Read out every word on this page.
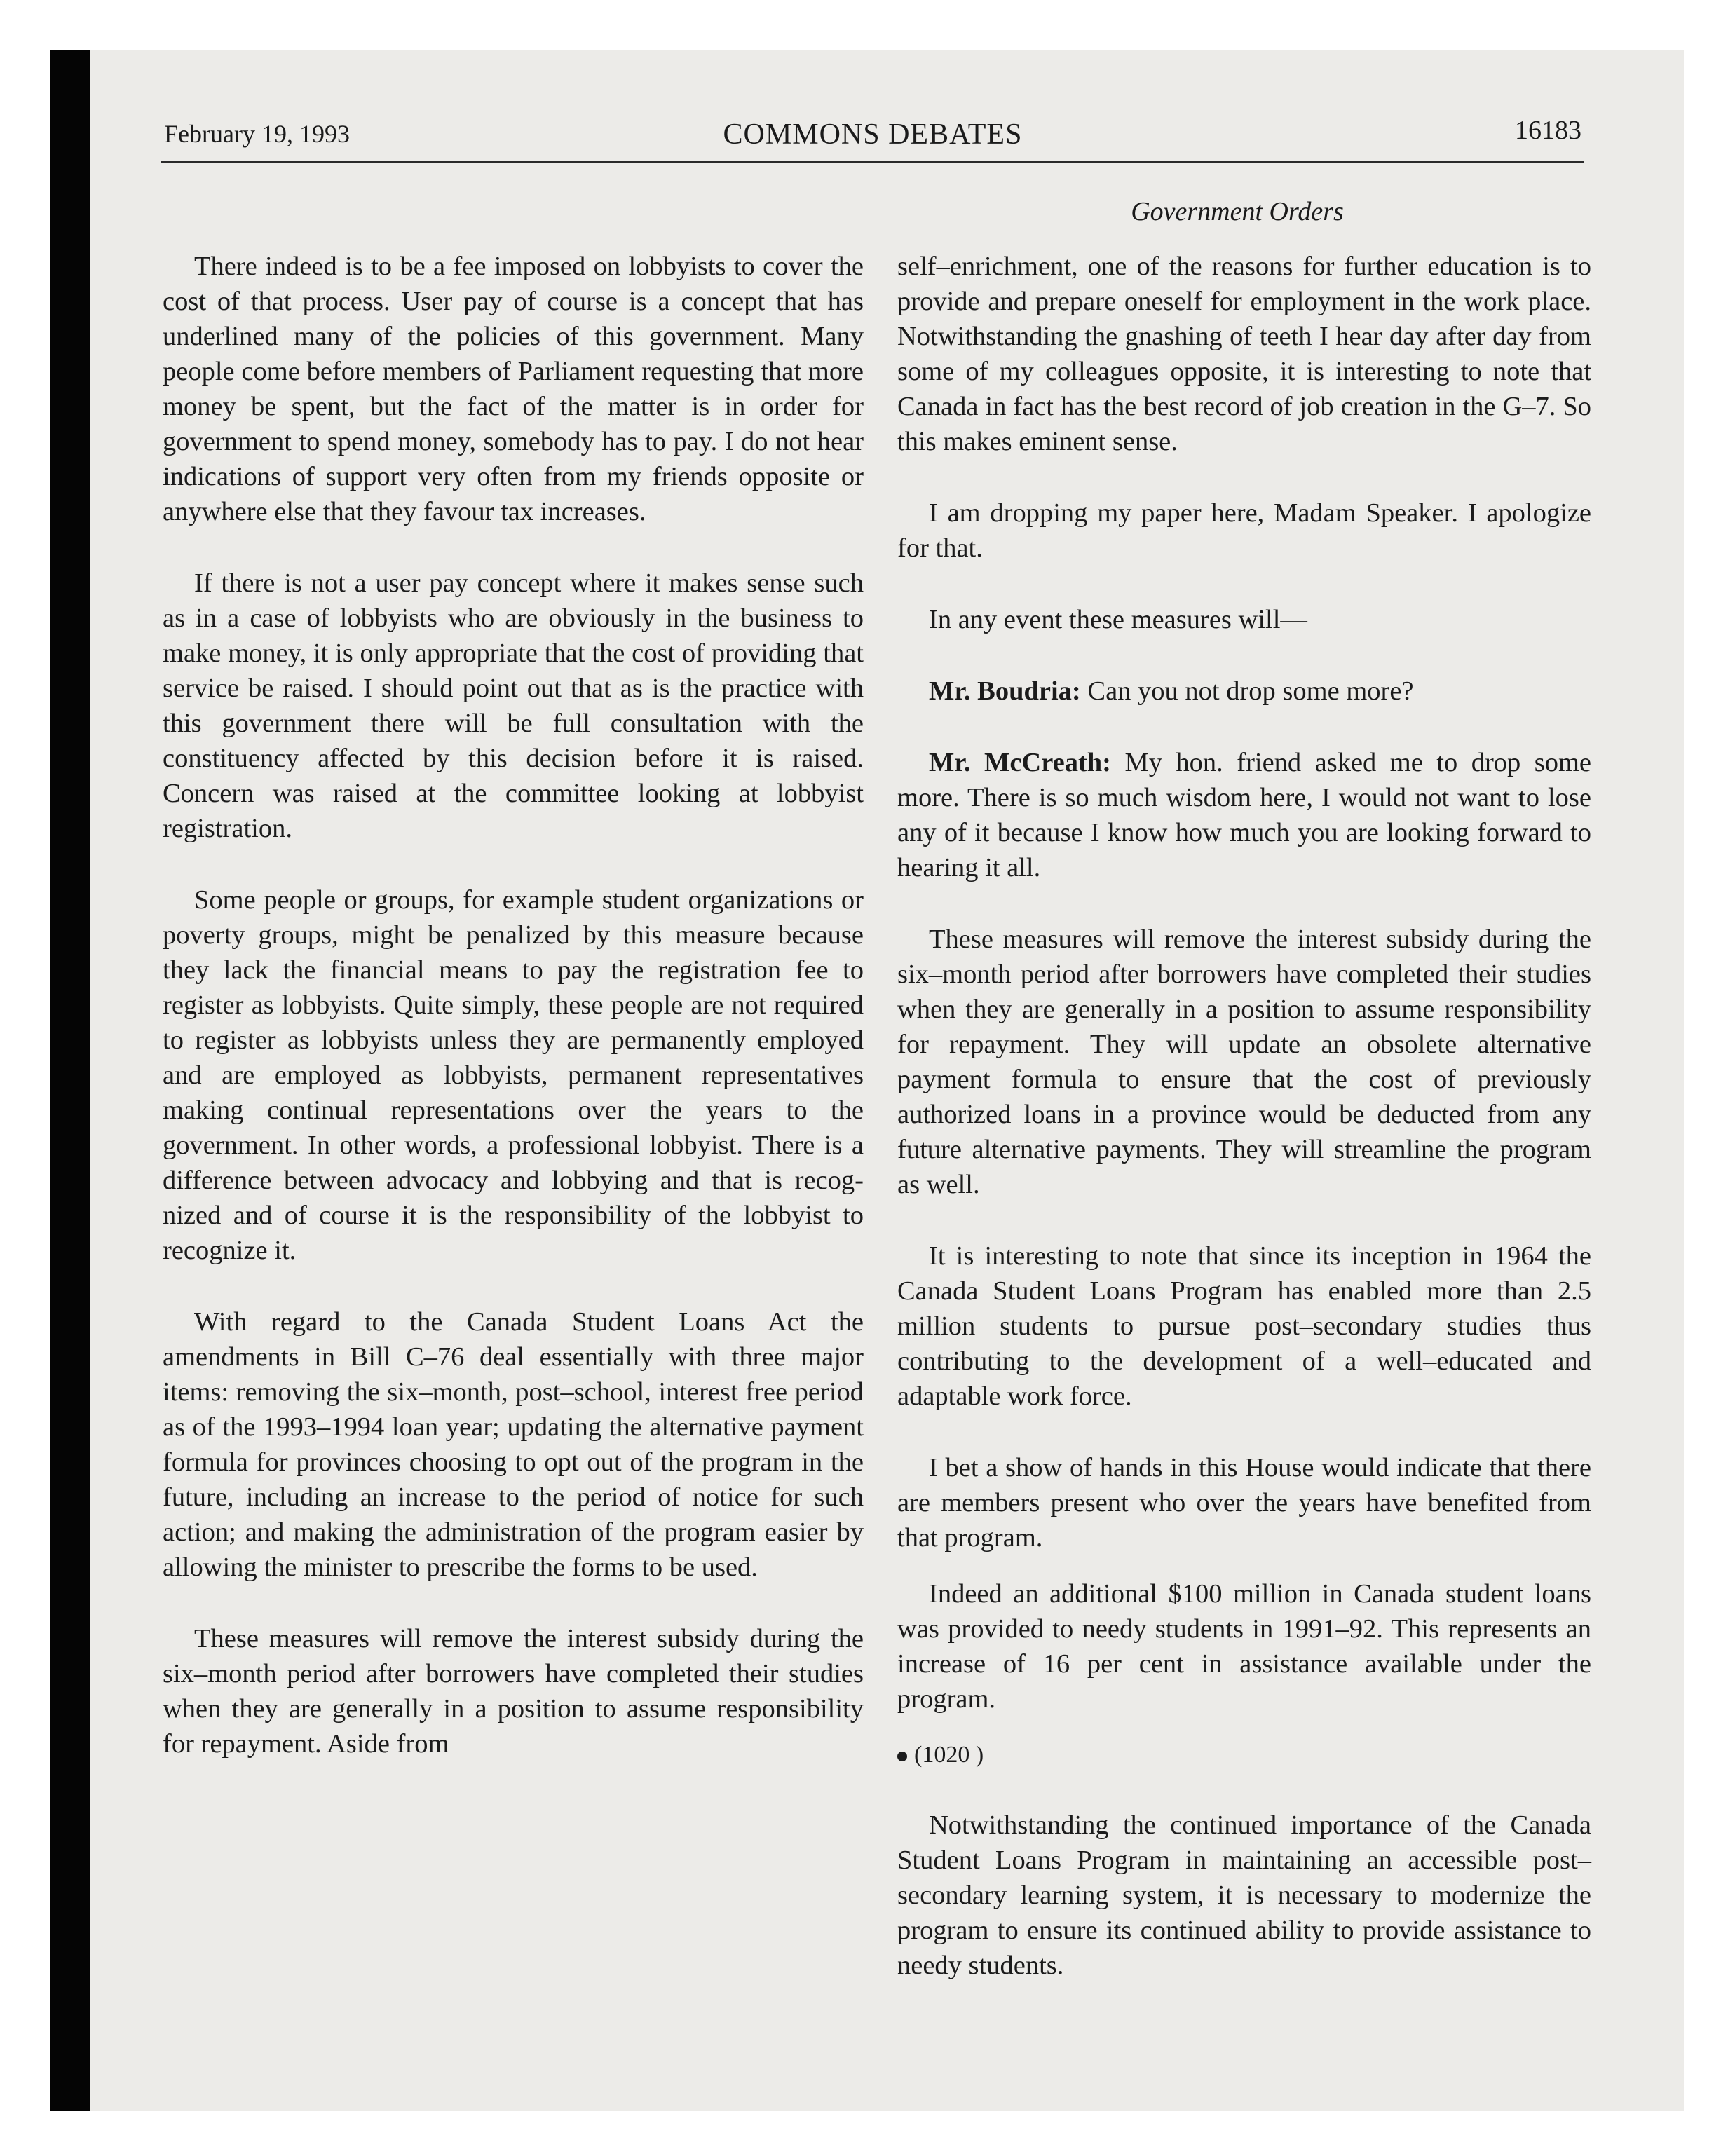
February 19, 1993	COMMONS DEBATES	16183
Government Orders

There indeed is to be a fee imposed on lobbyists to cover the cost of that process. User pay of course is a concept that has underlined many of the policies of this government. Many people come before members of Parliament requesting that more money be spent, but the fact of the matter is in order for government to spend money, somebody has to pay. I do not hear indications of support very often from my friends opposite or anywhere else that they favour tax increases.

If there is not a user pay concept where it makes sense such as in a case of lobbyists who are obviously in the business to make money, it is only appropriate that the cost of providing that service be raised. I should point out that as is the practice with this government there will be full consultation with the constituency affected by this decision before it is raised. Concern was raised at the committee looking at lobbyist registration.

Some people or groups, for example student organizations or poverty groups, might be penalized by this measure because they lack the financial means to pay the registration fee to register as lobbyists. Quite simply, these people are not required to register as lobbyists unless they are permanently employed and are employed as lobbyists, permanent representatives making continual representations over the years to the government. In other words, a professional lobbyist. There is a difference between advocacy and lobbying and that is recognized and of course it is the responsibility of the lobbyist to recognize it.

With regard to the Canada Student Loans Act the amendments in Bill C–76 deal essentially with three major items: removing the six–month, post–school, interest free period as of the 1993–1994 loan year; updating the alternative payment formula for provinces choosing to opt out of the program in the future, including an increase to the period of notice for such action; and making the administration of the program easier by allowing the minister to prescribe the forms to be used.

These measures will remove the interest subsidy during the six–month period after borrowers have completed their studies when they are generally in a position to assume responsibility for repayment. Aside from

self–enrichment, one of the reasons for further education is to provide and prepare oneself for employment in the work place. Notwithstanding the gnashing of teeth I hear day after day from some of my colleagues opposite, it is interesting to note that Canada in fact has the best record of job creation in the G–7. So this makes eminent sense.

I am dropping my paper here, Madam Speaker. I apologize for that.

In any event these measures will—

Mr. Boudria: Can you not drop some more?

Mr. McCreath: My hon. friend asked me to drop some more. There is so much wisdom here, I would not want to lose any of it because I know how much you are looking forward to hearing it all.

These measures will remove the interest subsidy during the six–month period after borrowers have completed their studies when they are generally in a position to assume responsibility for repayment. They will update an obsolete alternative payment formula to ensure that the cost of previously authorized loans in a province would be deducted from any future alternative payments. They will streamline the program as well.

It is interesting to note that since its inception in 1964 the Canada Student Loans Program has enabled more than 2.5 million students to pursue post–secondary studies thus contributing to the development of a well–educated and adaptable work force.

I bet a show of hands in this House would indicate that there are members present who over the years have benefited from that program.

Indeed an additional $100 million in Canada student loans was provided to needy students in 1991–92. This represents an increase of 16 per cent in assistance available under the program.

(1020 )

Notwithstanding the continued importance of the Canada Student Loans Program in maintaining an accessible post–secondary learning system, it is necessary to modernize the program to ensure its continued ability to provide assistance to needy students.
